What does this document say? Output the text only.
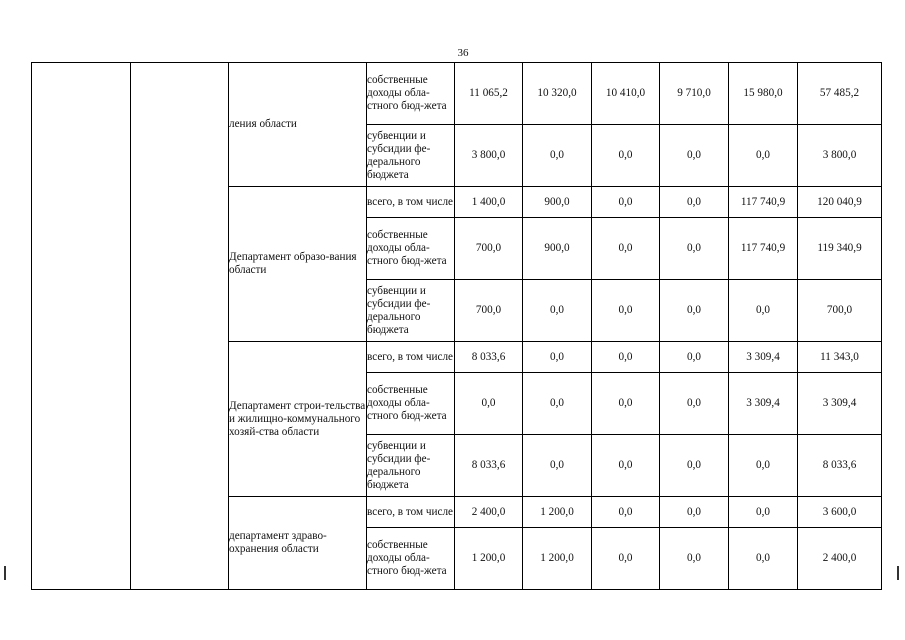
36
		ления области	собственные доходы обла-стного бюд-жета	11 065,2	10 320,0	10 410,0	9 710,0	15 980,0	57 485,2
			субвенции и субсидии фе-дерального бюджета	3 800,0	0,0	0,0	0,0	0,0	3 800,0
		Департамент образо-вания области	всего, в том числе	1 400,0	900,0	0,0	0,0	117 740,9	120 040,9
			собственные доходы обла-стного бюд-жета	700,0	900,0	0,0	0,0	117 740,9	119 340,9
			субвенции и субсидии фе-дерального бюджета	700,0	0,0	0,0	0,0	0,0	700,0
		Департамент строи-тельства и жилищно-коммунального хозяй-ства области	всего, в том числе	8 033,6	0,0	0,0	0,0	3 309,4	11 343,0
			собственные доходы обла-стного бюд-жета	0,0	0,0	0,0	0,0	3 309,4	3 309,4
			субвенции и субсидии фе-дерального бюджета	8 033,6	0,0	0,0	0,0	0,0	8 033,6
		департамент здраво-охранения области	всего, в том числе	2 400,0	1 200,0	0,0	0,0	0,0	3 600,0
			собственные доходы обла-стного бюд-жета	1 200,0	1 200,0	0,0	0,0	0,0	2 400,0
